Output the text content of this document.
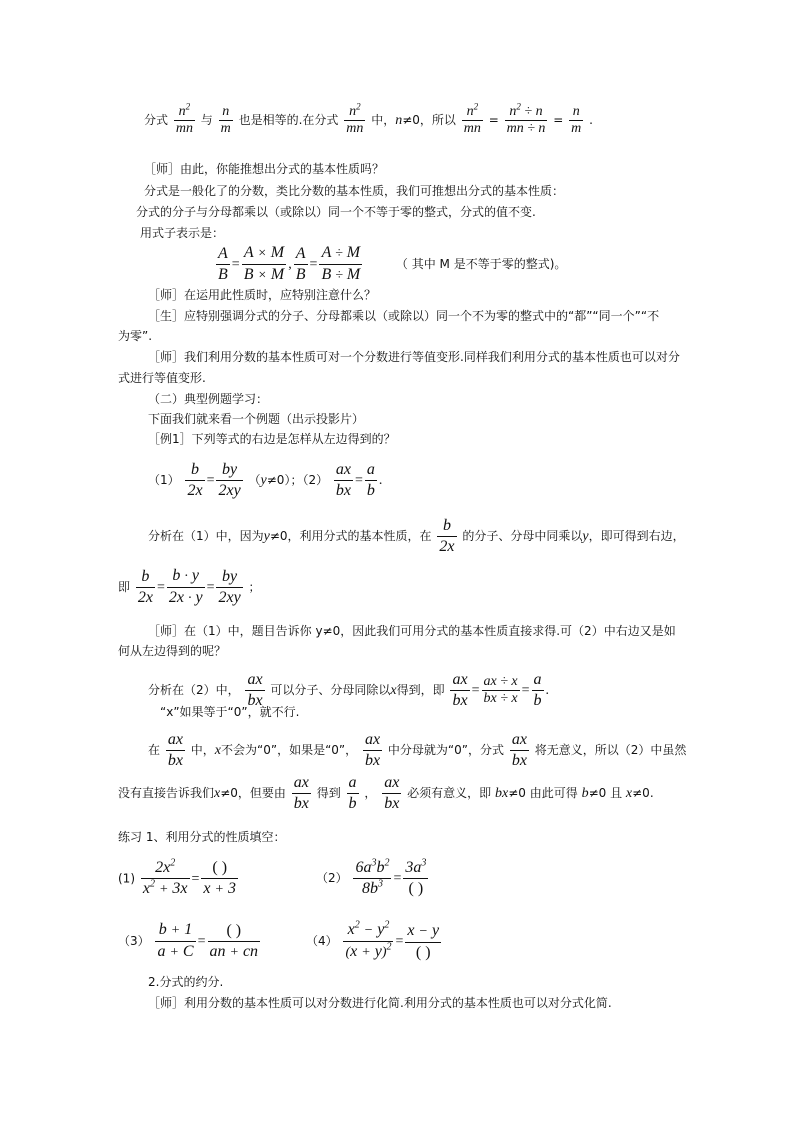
分式 $\frac{n^2}{mn}$ 与 $\frac{n}{m}$ 也是相等的.在分式 $\frac{n^2}{mn}$ 中，n≠0，所以 $\frac{n^2}{mn} = \frac{n^2 \div n}{mn \div n} = \frac{n}{m}$ .
［师］由此，你能推想出分式的基本性质吗？
分式是一般化了的分数，类比分数的基本性质，我们可推想出分式的基本性质：
分式的分子与分母都乘以（或除以）同一个不等于零的整式，分式的值不变.
用式子表示是：
$\frac{A}{B} = \frac{A \times M}{B \times M}$ , $\frac{A}{B} = \frac{A \div M}{B \div M}$	（ 其中 M 是不等于零的整式)。
［师］在运用此性质时，应特别注意什么？
［生］应特别强调分式的分子、分母都乘以（或除以）同一个不为零的整式中的“都”“同一个”“不
为零”.
［师］我们利用分数的基本性质可对一个分数进行等值变形.同样我们利用分式的基本性质也可以对分
式进行等值变形.
（二）典型例题学习：
下面我们就来看一个例题（出示投影片）
［例1］下列等式的右边是怎样从左边得到的？
$(1) \frac{b}{2x} = \frac{by}{2xy} (y\ne 0)$；$(2) \frac{ax}{bx} = \frac{a}{b}$ .
分析在（1）中，因为y≠0，利用分式的基本性质，在 $\frac{b}{2x}$ 的分子、分母中同乘以y，即可得到右边，
即 $\frac{b}{2x} = \frac{b \cdot y}{2x \cdot y} = \frac{by}{2xy}$ ；
［师］在（1）中，题目告诉你 y≠0，因此我们可用分式的基本性质直接求得.可（2）中右边又是如
何从左边得到的呢？
分析在（2）中， $\frac{ax}{bx}$ 可以分子、分母同除以x得到，即 $\frac{ax}{bx} = \frac{ax \div x}{bx \div x} = \frac{a}{b}$ .
“x”如果等于“0”，就不行.
在 $\frac{ax}{bx}$ 中，x不会为“0”，如果是“0”， $\frac{ax}{bx}$ 中分母就为“0”，分式 $\frac{ax}{bx}$ 将无意义，所以（2）中虽然
没有直接告诉我们x≠0，但要由 $\frac{ax}{bx}$ 得到 $\frac{a}{b}$ ， $\frac{ax}{bx}$ 必须有意义，即 bx≠0 由此可得 b≠0 且 x≠0.
练习 1、利用分式的性质填空：
$(1) \frac{2x^2}{x^2 + 3x} = \frac{( )}{x + 3}$	$(2) \frac{6a^3b^2}{8b^3} = \frac{3a^3}{( )}$
$(3) \frac{b + 1}{a + C} = \frac{( )}{an + cn}$	$(4) \frac{x^2 - y^2}{(x + y)^2} = \frac{x - y}{( )}$
2.分式的约分.
［师］利用分数的基本性质可以对分数进行化简.利用分式的基本性质也可以对分式化简.
